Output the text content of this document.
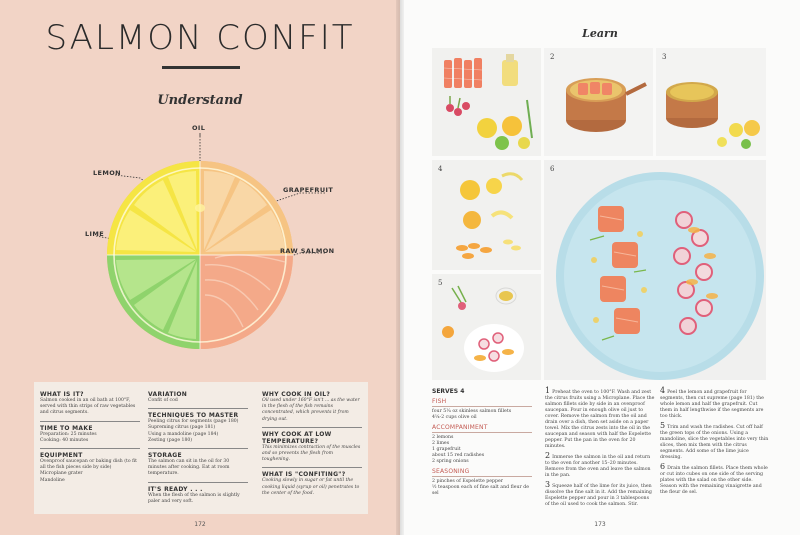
SALMON CONFIT
Understand
OIL
LEMON
GRAPEFRUIT
LIME
RAW SALMON
WHAT IS IT?

Salmon cooked in an oil bath at 100°F, served with thin strips of raw vegetables and citrus segments.

TIME TO MAKE

Preparation: 25 minutes

Cooking: 40 minutes

EQUIPMENT

Ovenproof saucepan or baking dish (to fit all the fish pieces side by side)

Microplane grater

Mandoline

VARIATION

Confit of cod

TECHNIQUES TO MASTER

Peeling citrus for segments (page 180)

Supreming citrus (page 181)

Using a mandoline (page 184)

Zesting (page 180)

STORAGE

The salmon can sit in the oil for 30 minutes after cooking. Eat at room temperature.

IT'S READY . . .

When the flesh of the salmon is slightly paler and very soft.

WHY COOK IN OIL?

Oil used under 160°F isn't ... as the water in the flesh of the fish remains concentrated, which prevents it from drying out.

WHY COOK AT LOW TEMPERATURE?

This minimizes contraction of the muscles and so prevents the flesh from toughening.

WHAT IS "CONFITING"?

Cooking slowly in sugar or fat until the cooking liquid (syrup or oil) penetrates to the center of the food.

172
Learn
2	3
4	6
5
SERVES 4
FISH

four 5¼ oz skinless salmon fillets

4¼-2 cups olive oil

ACCOMPANIMENT

2 lemons

2 limes

1 grapefruit

about 15 red radishes

2 spring onions

SEASONING

2 pinches of Espelette pepper

½ teaspoon each of fine salt and fleur de sel

1 Preheat the oven to 100°F. Wash and zest the citrus fruits using a Microplane. Place the salmon fillets side by side in an ovenproof saucepan. Pour in enough olive oil just to cover. Remove the salmon from the oil and drain over a dish, then set aside on a paper towel. Mix the citrus zests into the oil in the saucepan and season with half the Espelette pepper. Put the pan in the oven for 20 minutes.

2 Immerse the salmon in the oil and return to the oven for another 15–20 minutes. Remove from the oven and leave the salmon in the pan.

3 Squeeze half of the lime for its juice, then dissolve the fine salt in it. Add the remaining Espelette pepper and pour in 3 tablespoons of the oil used to cook the salmon. Stir.

4 Peel the lemon and grapefruit for segments, then cut supreme (page 181) the whole lemon and half the grapefruit. Cut them in half lengthwise if the segments are too thick.

5 Trim and wash the radishes. Cut off half the green tops of the onions. Using a mandoline, slice the vegetables into very thin slices, then mix them with the citrus segments. Add some of the lime juice dressing.

6 Drain the salmon fillets. Place them whole or cut into cubes on one side of the serving plates with the salad on the other side. Season with the remaining vinaigrette and the fleur de sel.

173
